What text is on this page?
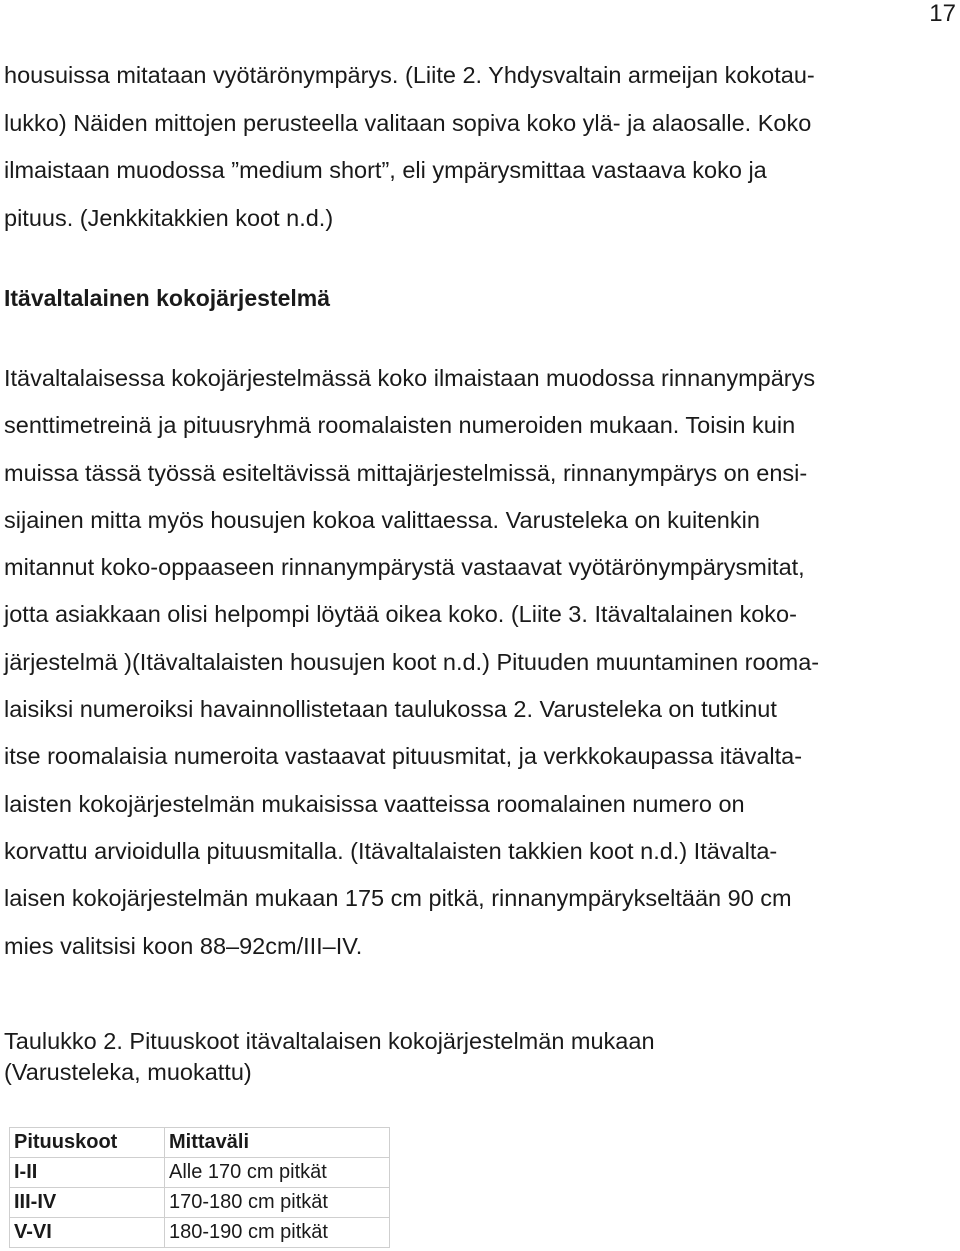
17

housuissa mitataan vyötärönympärys. (Liite 2. Yhdysvaltain armeijan kokotau-
lukko) Näiden mittojen perusteella valitaan sopiva koko ylä- ja alaosalle. Koko
ilmaistaan muodossa ”medium short”, eli ympärysmittaa vastaava koko ja
pituus. (Jenkkitakkien koot n.d.)

Itävaltalainen kokojärjestelmä

Itävaltalaisessa kokojärjestelmässä koko ilmaistaan muodossa rinnanympärys
senttimetreinä ja pituusryhmä roomalaisten numeroiden mukaan. Toisin kuin
muissa tässä työssä esiteltävissä mittajärjestelmissä, rinnanympärys on ensi-
sijainen mitta myös housujen kokoa valittaessa. Varusteleka on kuitenkin
mitannut koko-oppaaseen rinnanympärystä vastaavat vyötärönympärysmitat,
jotta asiakkaan olisi helpompi löytää oikea koko. (Liite 3. Itävaltalainen koko-
järjestelmä )(Itävaltalaisten housujen koot n.d.) Pituuden muuntaminen rooma-
laisiksi numeroiksi havainnollistetaan taulukossa 2. Varusteleka on tutkinut
itse roomalaisia numeroita vastaavat pituusmitat, ja verkkokaupassa itävalta-
laisten kokojärjestelmän mukaisissa vaatteissa roomalainen numero on
korvattu arvioidulla pituusmitalla. (Itävaltalaisten takkien koot n.d.) Itävalta-
laisen kokojärjestelmän mukaan 175 cm pitkä, rinnanympärykseltään 90 cm
mies valitsisi koon 88–92cm/III–IV.

Taulukko 2. Pituuskoot itävaltalaisen kokojärjestelmän mukaan
(Varusteleka, muokattu)

Pituuskoot	Mittaväli
I-II	Alle 170 cm pitkät
III-IV	170-180 cm pitkät
V-VI	180-190 cm pitkät
